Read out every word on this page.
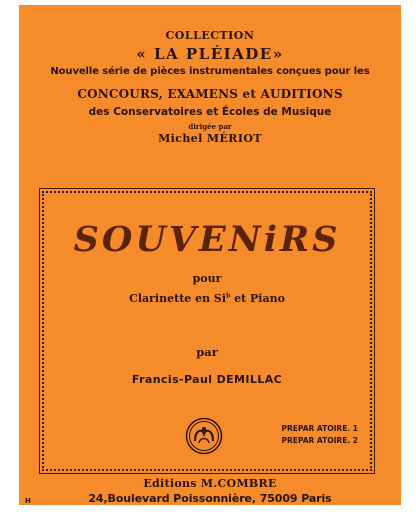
COLLECTION
« LA PLÉIADE»
Nouvelle série de pièces instrumentales conçues pour les
CONCOURS, EXAMENS et AUDITIONS
des Conservatoires et Écoles de Musique
dirigée par
Michel MÉRIOT
SOUVENiRS
pour
Clarinette en Si$^b$ et Piano
par
Francis-Paul DEMILLAC
PREPAR ATOIRE. 1
PREPAR ATOIRE. 2
Editions M.COMBRE
24,Boulevard Poissonnière, 75009 Paris
H
